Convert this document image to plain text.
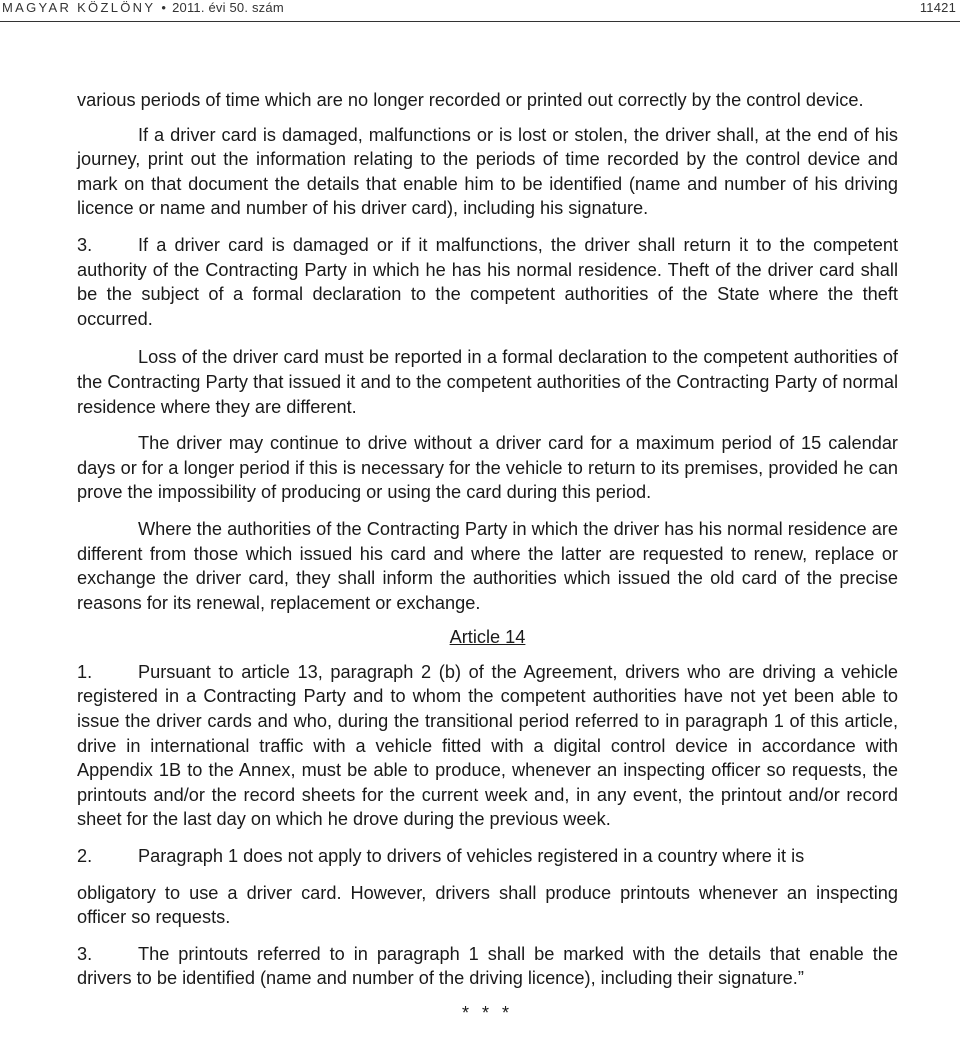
MAGYAR KÖZLÖNY • 2011. évi 50. szám	11421

various periods of time which are no longer recorded or printed out correctly by the control device.

If a driver card is damaged, malfunctions or is lost or stolen, the driver shall, at the end of his journey, print out the information relating to the periods of time recorded by the control device and mark on that document the details that enable him to be identified (name and number of his driving licence or name and number of his driver card), including his signature.

3.	If a driver card is damaged or if it malfunctions, the driver shall return it to the competent authority of the Contracting Party in which he has his normal residence. Theft of the driver card shall be the subject of a formal declaration to the competent authorities of the State where the theft occurred.

Loss of the driver card must be reported in a formal declaration to the competent authorities of the Contracting Party that issued it and to the competent authorities of the Contracting Party of normal residence where they are different.

The driver may continue to drive without a driver card for a maximum period of 15 calendar days or for a longer period if this is necessary for the vehicle to return to its premises, provided he can prove the impossibility of producing or using the card during this period.

Where the authorities of the Contracting Party in which the driver has his normal residence are different from those which issued his card and where the latter are requested to renew, replace or exchange the driver card, they shall inform the authorities which issued the old card of the precise reasons for its renewal, replacement or exchange.

Article 14

1.	Pursuant to article 13, paragraph 2 (b) of the Agreement, drivers who are driving a vehicle registered in a Contracting Party and to whom the competent authorities have not yet been able to issue the driver cards and who, during the transitional period referred to in paragraph 1 of this article, drive in international traffic with a vehicle fitted with a digital control device in accordance with Appendix 1B to the Annex, must be able to produce, whenever an inspecting officer so requests, the printouts and/or the record sheets for the current week and, in any event, the printout and/or record sheet for the last day on which he drove during the previous week.

2.	Paragraph 1 does not apply to drivers of vehicles registered in a country where it is

obligatory to use a driver card. However, drivers shall produce printouts whenever an inspecting officer so requests.

3.	The printouts referred to in paragraph 1 shall be marked with the details that enable the drivers to be identified (name and number of the driving licence), including their signature.”

* * *
